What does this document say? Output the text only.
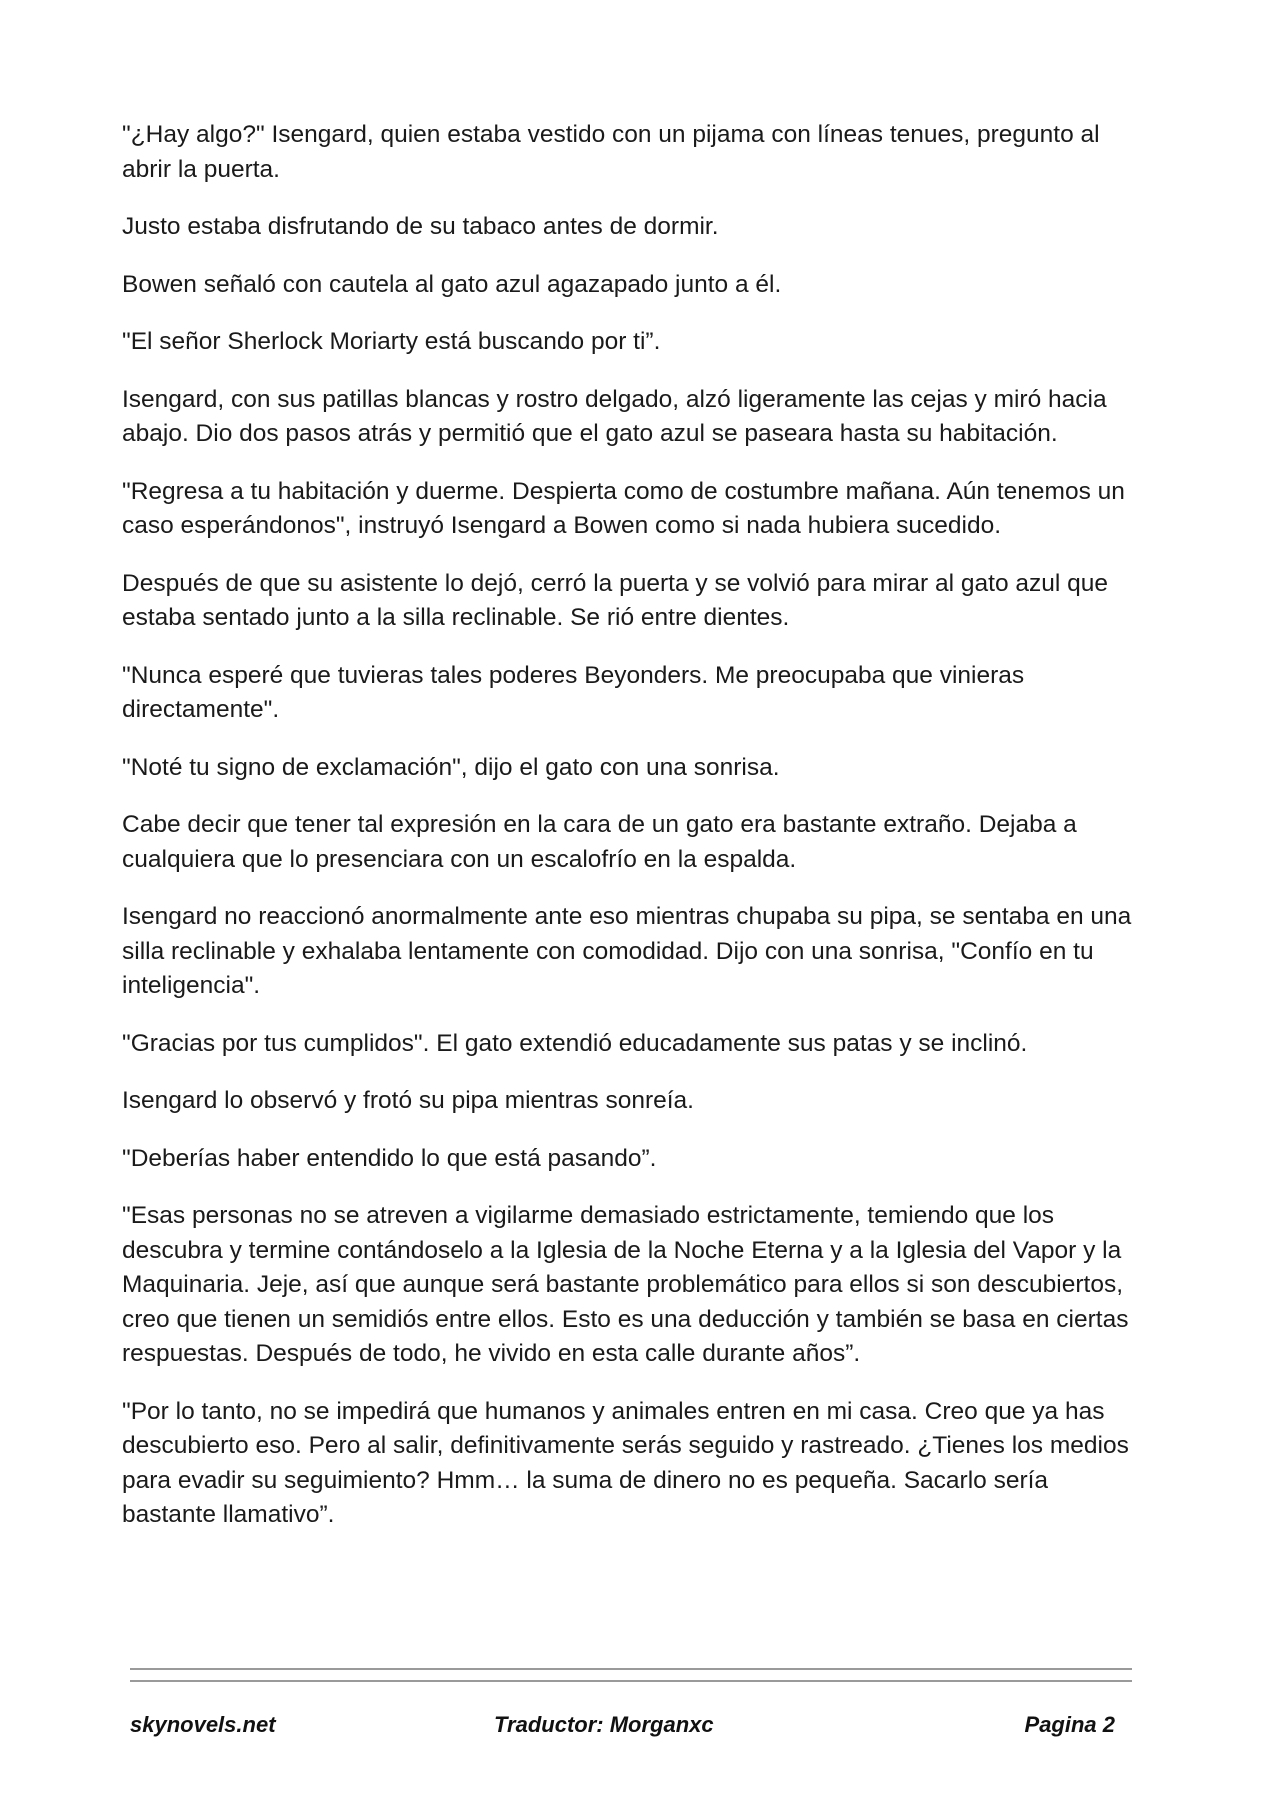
"¿Hay algo?" Isengard, quien estaba vestido con un pijama con líneas tenues, pregunto al abrir la puerta.

Justo estaba disfrutando de su tabaco antes de dormir.

Bowen señaló con cautela al gato azul agazapado junto a él.

"El señor Sherlock Moriarty está buscando por ti”.

Isengard, con sus patillas blancas y rostro delgado, alzó ligeramente las cejas y miró hacia abajo. Dio dos pasos atrás y permitió que el gato azul se paseara hasta su habitación.

"Regresa a tu habitación y duerme. Despierta como de costumbre mañana. Aún tenemos un caso esperándonos", instruyó Isengard a Bowen como si nada hubiera sucedido.

Después de que su asistente lo dejó, cerró la puerta y se volvió para mirar al gato azul que estaba sentado junto a la silla reclinable. Se rió entre dientes.

"Nunca esperé que tuvieras tales poderes Beyonders. Me preocupaba que vinieras directamente".

"Noté tu signo de exclamación", dijo el gato con una sonrisa.

Cabe decir que tener tal expresión en la cara de un gato era bastante extraño. Dejaba a cualquiera que lo presenciara con un escalofrío en la espalda.

Isengard no reaccionó anormalmente ante eso mientras chupaba su pipa, se sentaba en una silla reclinable y exhalaba lentamente con comodidad. Dijo con una sonrisa, "Confío en tu inteligencia".

"Gracias por tus cumplidos". El gato extendió educadamente sus patas y se inclinó.

Isengard lo observó y frotó su pipa mientras sonreía.

"Deberías haber entendido lo que está pasando”.

"Esas personas no se atreven a vigilarme demasiado estrictamente, temiendo que los descubra y termine contándoselo a la Iglesia de la Noche Eterna y a la Iglesia del Vapor y la Maquinaria. Jeje, así que aunque será bastante problemático para ellos si son descubiertos, creo que tienen un semidiós entre ellos. Esto es una deducción y también se basa en ciertas respuestas. Después de todo, he vivido en esta calle durante años”.

"Por lo tanto, no se impedirá que humanos y animales entren en mi casa. Creo que ya has descubierto eso. Pero al salir, definitivamente serás seguido y rastreado. ¿Tienes los medios para evadir su seguimiento? Hmm… la suma de dinero no es pequeña. Sacarlo sería bastante llamativo”.

skynovels.net	Traductor: Morganxc	Pagina 2
